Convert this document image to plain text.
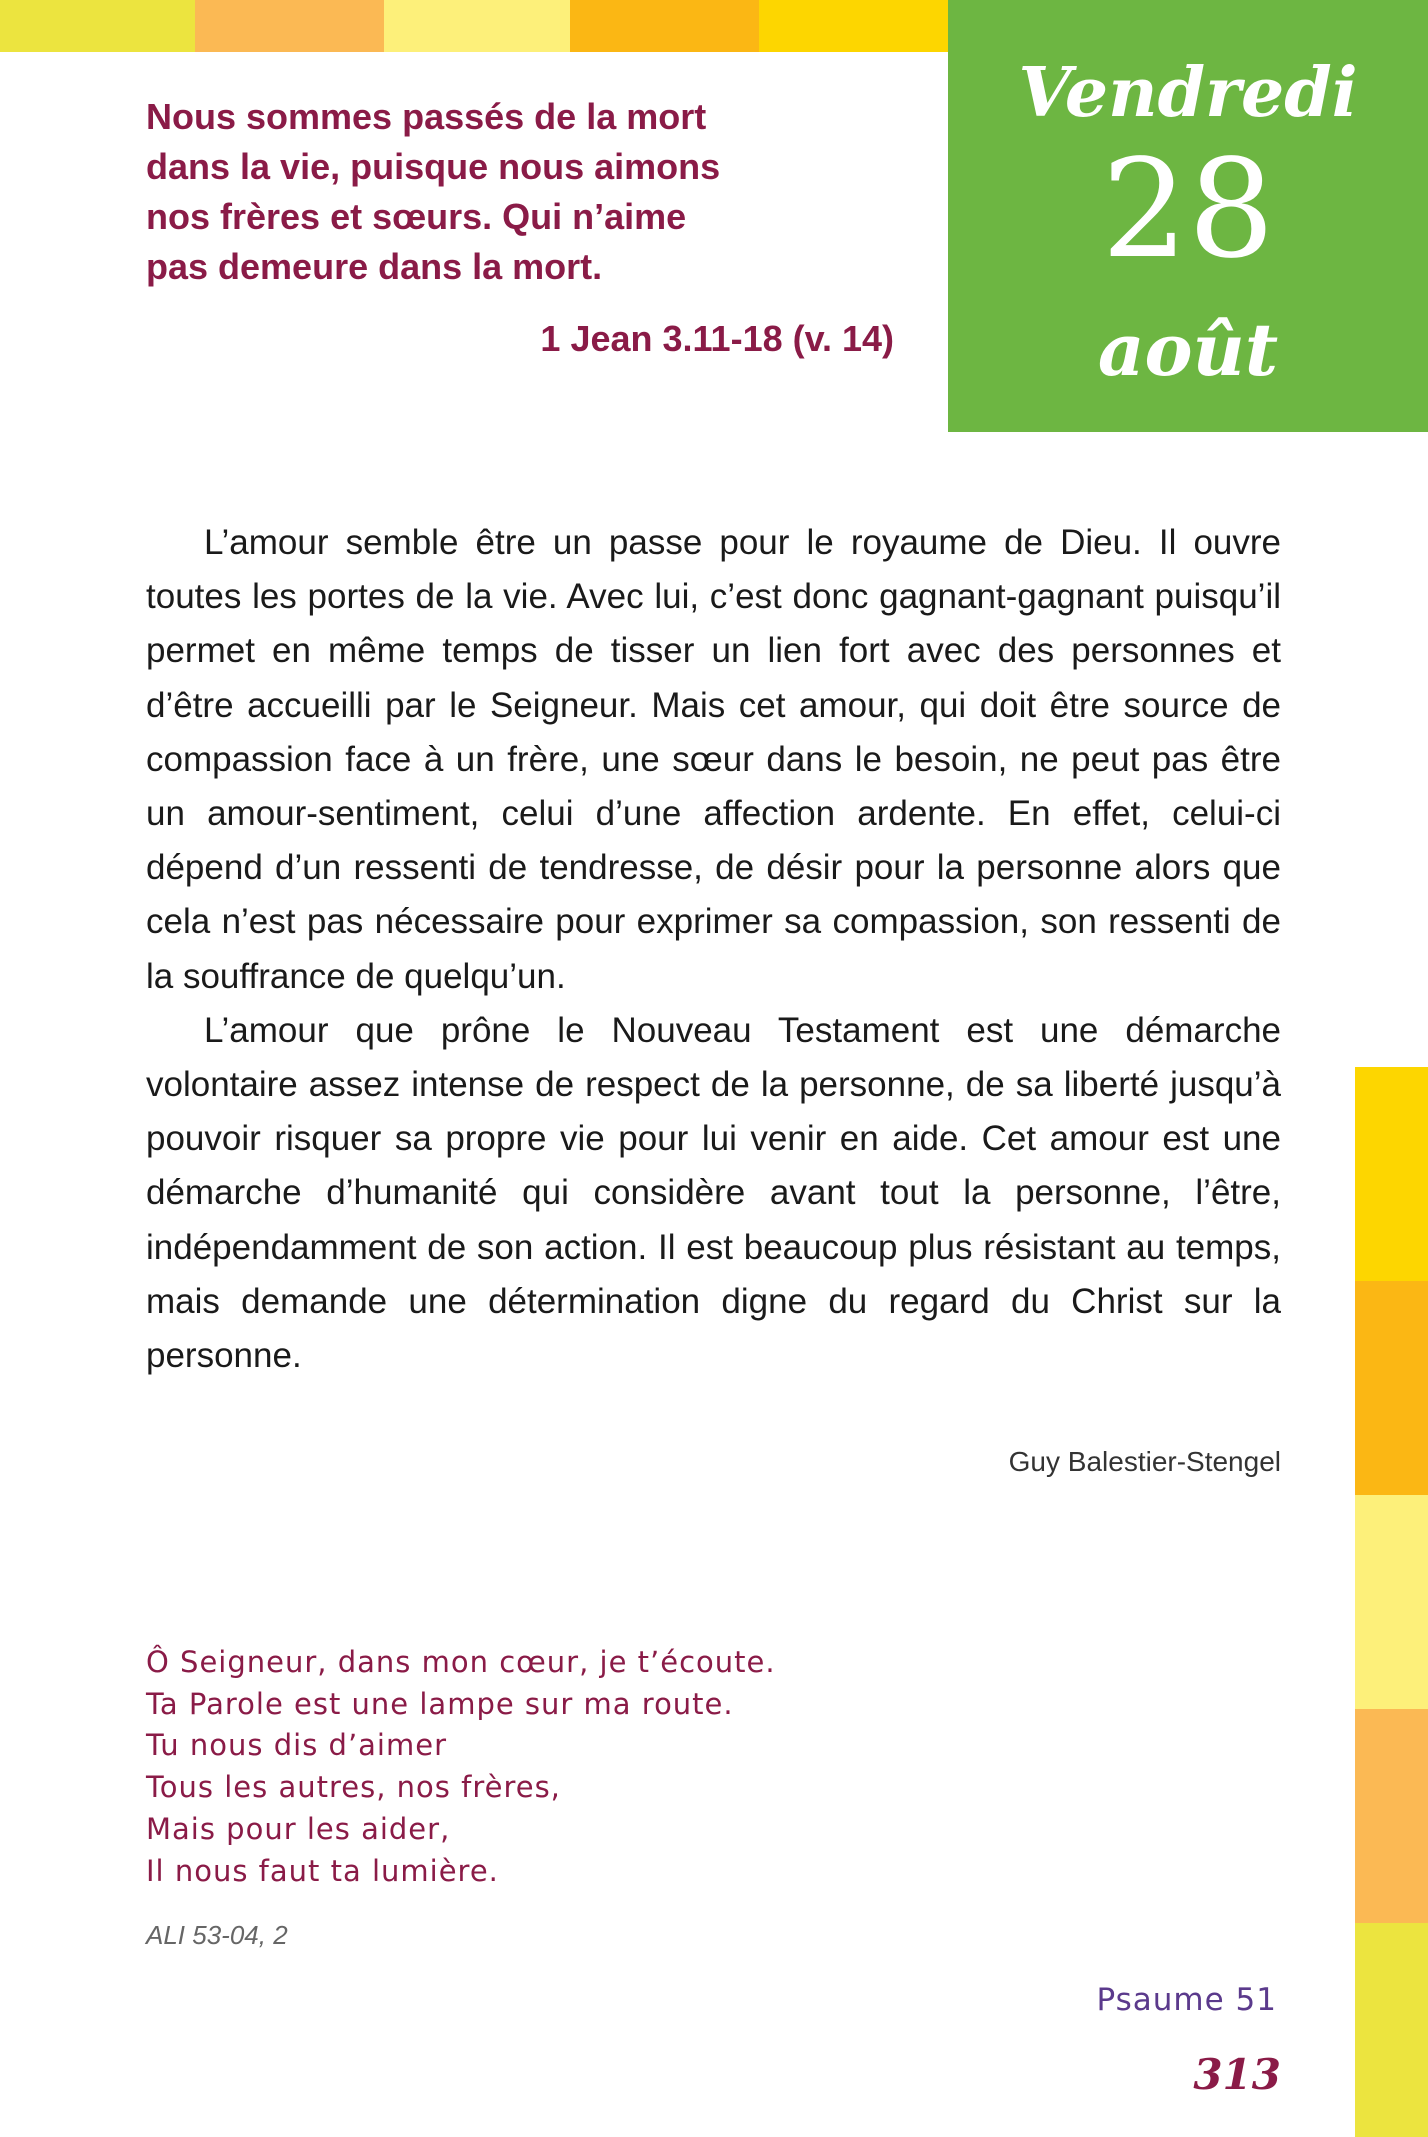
Vendredi
28
août
Nous sommes passés de la mort
dans la vie, puisque nous aimons
nos frères et sœurs. Qui n’aime
pas demeure dans la mort.
1 Jean 3.11-18 (v. 14)

L’amour semble être un passe pour le royaume de Dieu. Il ouvre toutes les portes de la vie. Avec lui, c’est donc gagnant-gagnant puisqu’il permet en même temps de tisser un lien fort avec des personnes et d’être accueilli par le Seigneur. Mais cet amour, qui doit être source de compassion face à un frère, une sœur dans le besoin, ne peut pas être un amour-sentiment, celui d’une affection ardente. En effet, celui-ci dépend d’un ressenti de tendresse, de désir pour la personne alors que cela n’est pas nécessaire pour exprimer sa compassion, son ressenti de la souffrance de quelqu’un.

L’amour que prône le Nouveau Testament est une démarche volontaire assez intense de respect de la personne, de sa liberté jusqu’à pouvoir risquer sa propre vie pour lui venir en aide. Cet amour est une démarche d’humanité qui considère avant tout la personne, l’être, indépendamment de son action. Il est beaucoup plus résistant au temps, mais demande une détermination digne du regard du Christ sur la personne.

Guy Balestier-Stengel
Ô Seigneur, dans mon cœur, je t’écoute.
Ta Parole est une lampe sur ma route.
Tu nous dis d’aimer
Tous les autres, nos frères,
Mais pour les aider,
Il nous faut ta lumière.
ALI 53-04, 2
Psaume 51
313
